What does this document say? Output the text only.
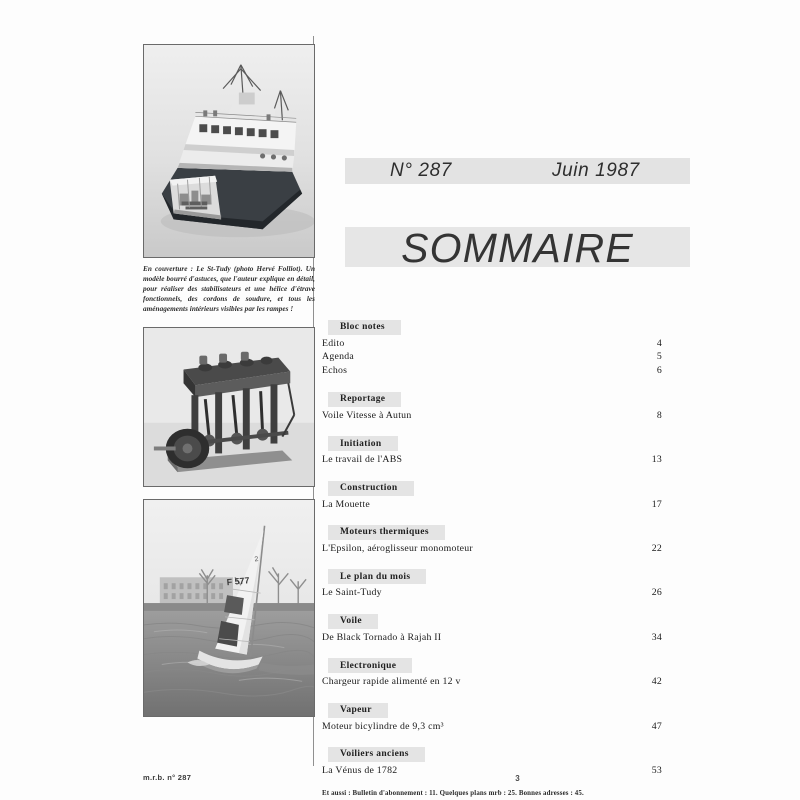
En couverture : Le St-Tudy (photo Hervé Folliot). Un modèle bourré d'astuces, que l'auteur explique en détail, pour réaliser des stabilisateurs et une hélice d'étrave fonctionnels, des cordons de soudure, et tous les aménagements intérieurs visibles par les rampes !
F 577
2
m.r.b. n° 287
N° 287	Juin 1987
SOMMAIRE
Bloc notes
Edito	4
Agenda	5
Echos	6
Reportage
Voile Vitesse à Autun	8
Initiation
Le travail de l'ABS	13
Construction
La Mouette	17
Moteurs thermiques
L'Epsilon, aéroglisseur monomoteur	22
Le plan du mois
Le Saint-Tudy	26
Voile
De Black Tornado à Rajah II	34
Electronique
Chargeur rapide alimenté en 12 v	42
Vapeur
Moteur bicylindre de 9,3 cm³	47
Voiliers anciens
La Vénus de 1782	53
Et aussi : Bulletin d'abonnement : 11. Quelques plans mrb : 25. Bonnes adresses : 45.
3
